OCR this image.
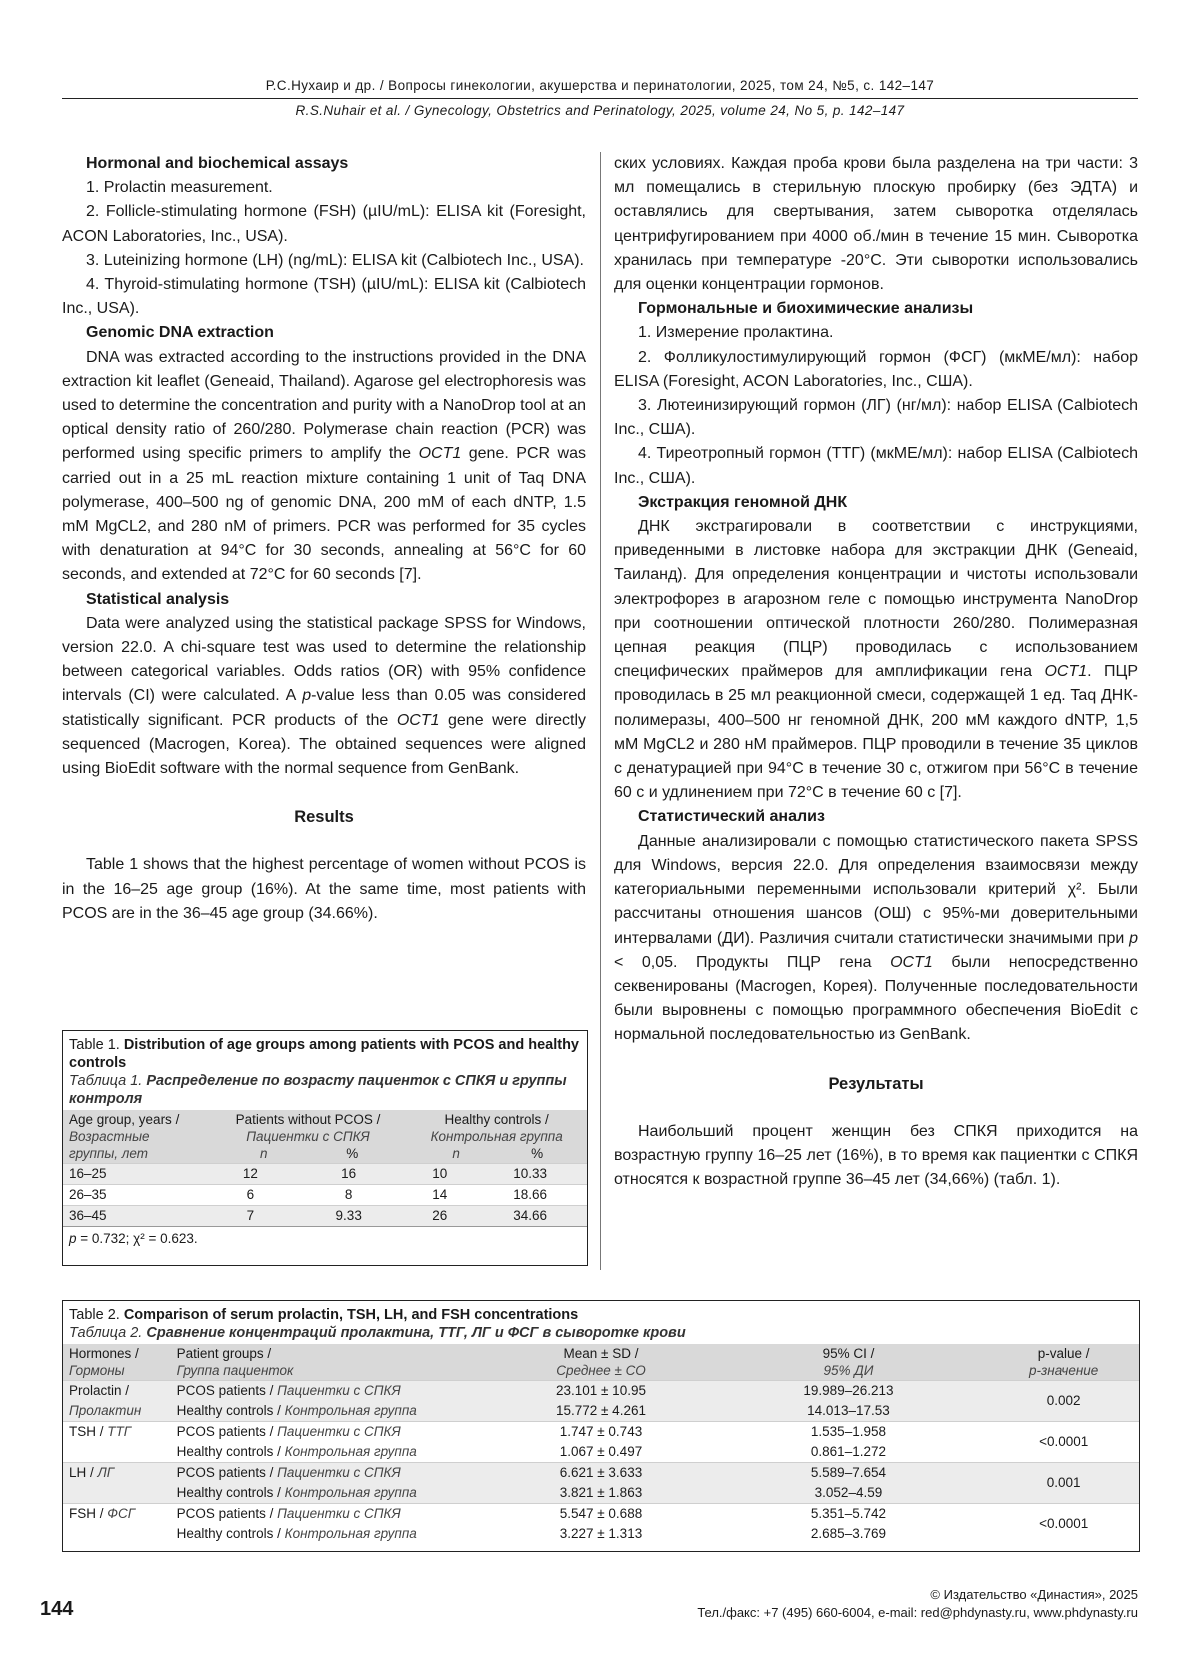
Р.С.Нухаир и др. / Вопросы гинекологии, акушерства и перинатологии, 2025, том 24, №5, с. 142–147
R.S.Nuhair et al. / Gynecology, Obstetrics and Perinatology, 2025, volume 24, No 5, p. 142–147
Hormonal and biochemical assays

1. Prolactin measurement.

2. Follicle-stimulating hormone (FSH) (µIU/mL): ELISA kit (Foresight, ACON Laboratories, Inc., USA).

3. Luteinizing hormone (LH) (ng/mL): ELISA kit (Calbiotech Inc., USA).

4. Thyroid-stimulating hormone (TSH) (µIU/mL): ELISA kit (Calbiotech Inc., USA).

Genomic DNA extraction

DNA was extracted according to the instructions provided in the DNA extraction kit leaflet (Geneaid, Thailand). Agarose gel electrophoresis was used to determine the concentration and purity with a NanoDrop tool at an optical density ratio of 260/280. Polymerase chain reaction (PCR) was performed using specific primers to amplify the OCT1 gene. PCR was carried out in a 25 mL reaction mixture containing 1 unit of Taq DNA polymerase, 400–500 ng of genomic DNA, 200 mM of each dNTP, 1.5 mM MgCL2, and 280 nM of primers. PCR was performed for 35 cycles with denaturation at 94°C for 30 seconds, annealing at 56°C for 60 seconds, and extended at 72°C for 60 seconds [7].

Statistical analysis

Data were analyzed using the statistical package SPSS for Windows, version 22.0. A chi-square test was used to determine the relationship between categorical variables. Odds ratios (OR) with 95% confidence intervals (CI) were calculated. A p-value less than 0.05 was considered statistically significant. PCR products of the OCT1 gene were directly sequenced (Macrogen, Korea). The obtained sequences were aligned using BioEdit software with the normal sequence from GenBank.

Results

Table 1 shows that the highest percentage of women without PCOS is in the 16–25 age group (16%). At the same time, most patients with PCOS are in the 36–45 age group (34.66%).

ских условиях. Каждая проба крови была разделена на три части: 3 мл помещались в стерильную плоскую пробирку (без ЭДТА) и оставлялись для свертывания, затем сыворотка отделялась центрифугированием при 4000 об./мин в течение 15 мин. Сыворотка хранилась при температуре -20°С. Эти сыворотки использовались для оценки концентрации гормонов.

Гормональные и биохимические анализы

1. Измерение пролактина.

2. Фолликулостимулирующий гормон (ФСГ) (мкМЕ/мл): набор ELISA (Foresight, ACON Laboratories, Inc., США).

3. Лютеинизирующий гормон (ЛГ) (нг/мл): набор ELISA (Calbiotech Inc., США).

4. Тиреотропный гормон (ТТГ) (мкМЕ/мл): набор ELISA (Calbiotech Inc., США).

Экстракция геномной ДНК

ДНК экстрагировали в соответствии с инструкциями, приведенными в листовке набора для экстракции ДНК (Geneaid, Таиланд). Для определения концентрации и чистоты использовали электрофорез в агарозном геле с помощью инструмента NanoDrop при соотношении оптической плотности 260/280. Полимеразная цепная реакция (ПЦР) проводилась с использованием специфических праймеров для амплификации гена OCT1. ПЦР проводилась в 25 мл реакционной смеси, содержащей 1 ед. Taq ДНК-полимеразы, 400–500 нг геномной ДНК, 200 мМ каждого dNTP, 1,5 мМ MgCL2 и 280 нМ праймеров. ПЦР проводили в течение 35 циклов с денатурацией при 94°С в течение 30 с, отжигом при 56°С в течение 60 с и удлинением при 72°С в течение 60 с [7].

Статистический анализ

Данные анализировали с помощью статистического пакета SPSS для Windows, версия 22.0. Для определения взаимосвязи между категориальными переменными использовали критерий χ². Были рассчитаны отношения шансов (ОШ) с 95%-ми доверительными интервалами (ДИ). Различия считали статистически значимыми при p < 0,05. Продукты ПЦР гена OCT1 были непосредственно секвенированы (Macrogen, Корея). Полученные последовательности были выровнены с помощью программного обеспечения BioEdit с нормальной последовательностью из GenBank.

Результаты

Наибольший процент женщин без СПКЯ приходится на возрастную группу 16–25 лет (16%), в то время как пациентки с СПКЯ относятся к возрастной группе 36–45 лет (34,66%) (табл. 1).

Table 1. Distribution of age groups among patients with PCOS and healthy controls
Таблица 1. Распределение по возрасту пациенток с СПКЯ и группы контроля
Age group, years /
Возрастные
группы, лет	Patients without PCOS /
Пациентки с СПКЯ
n %		Healthy controls /
Контрольная группа
n %	
16–25	12	16	10	10.33
26–35	6	8	14	18.66
36–45	7	9.33	26	34.66
p = 0.732; χ² = 0.623.
Table 2. Comparison of serum prolactin, TSH, LH, and FSH concentrations
Таблица 2. Сравнение концентраций пролактина, ТТГ, ЛГ и ФСГ в сыворотке крови
Hormones /
Гормоны	Patient groups /
Группа пациенток	Mean ± SD /
Среднее ± СО	95% CI /
95% ДИ	p-value /
p-значение
Prolactin /
Пролактин	PCOS patients / Пациентки с СПКЯ	23.101 ± 10.95	19.989–26.213	0.002
	Healthy controls / Контрольная группа	15.772 ± 4.261	14.013–17.53	
TSH / ТТГ	PCOS patients / Пациентки с СПКЯ	1.747 ± 0.743	1.535–1.958	<0.0001
	Healthy controls / Контрольная группа	1.067 ± 0.497	0.861–1.272	
LH / ЛГ	PCOS patients / Пациентки с СПКЯ	6.621 ± 3.633	5.589–7.654	0.001
	Healthy controls / Контрольная группа	3.821 ± 1.863	3.052–4.59	
FSH / ФСГ	PCOS patients / Пациентки с СПКЯ	5.547 ± 0.688	5.351–5.742	<0.0001
	Healthy controls / Контрольная группа	3.227 ± 1.313	2.685–3.769	
144
© Издательство «Династия», 2025
Тел./факс: +7 (495) 660-6004, e-mail: red@phdynasty.ru, www.phdynasty.ru
